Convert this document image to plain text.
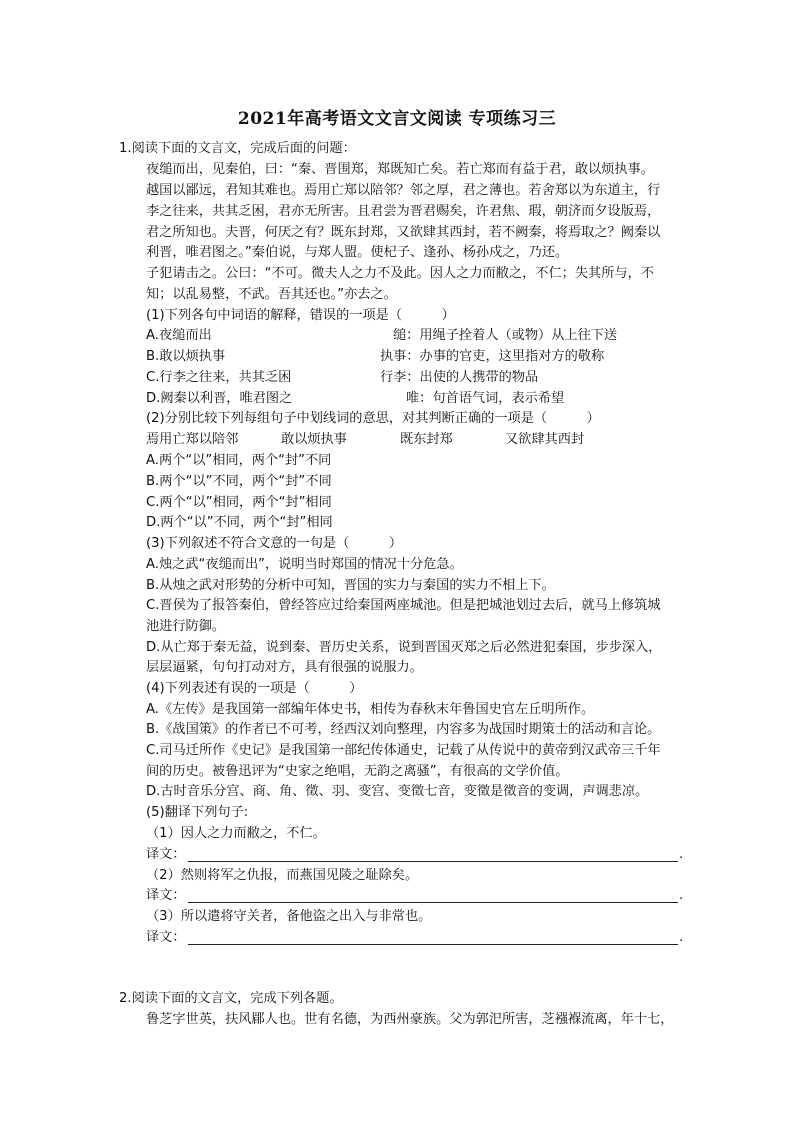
2021年高考语文文言文阅读 专项练习三
1.阅读下面的文言文，完成后面的问题：
夜缒而出，见秦伯，曰：“秦、晋围郑，郑既知亡矣。若亡郑而有益于君，敢以烦执事。
越国以鄙远，君知其难也。焉用亡郑以陪邻？邻之厚，君之薄也。若舍郑以为东道主，行
李之往来，共其乏困，君亦无所害。且君尝为晋君赐矣，许君焦、瑕，朝济而夕设版焉，
君之所知也。夫晋，何厌之有？既东封郑，又欲肆其西封，若不阙秦，将焉取之？阙秦以
利晋，唯君图之。”秦伯说，与郑人盟。使杞子、逢孙、杨孙戍之，乃还。
子犯请击之。公曰：“不可。微夫人之力不及此。因人之力而敝之，不仁；失其所与，不
知；以乱易整，不武。吾其还也。”亦去之。
(1)下列各句中词语的解释，错误的一项是（　　　）
A.夜缒而出	缒：用绳子拴着人（或物）从上往下送
B.敢以烦执事	执事：办事的官吏，这里指对方的敬称
C.行李之往来，共其乏困	行李：出使的人携带的物品
D.阙秦以利晋，唯君图之	唯：句首语气词，表示希望
(2)分别比较下列每组句子中划线词的意思，对其判断正确的一项是（　　　）
焉用亡郑以陪邻	敢以烦执事	既东封郑	又欲肆其西封
A.两个“以”相同，两个“封”不同
B.两个“以”不同，两个“封”不同
C.两个“以”相同，两个“封”相同
D.两个“以”不同，两个“封”相同
(3)下列叙述不符合文意的一句是（　　　）
A.烛之武“夜缒而出”，说明当时郑国的情况十分危急。
B.从烛之武对形势的分析中可知，晋国的实力与秦国的实力不相上下。
C.晋侯为了报答秦伯，曾经答应过给秦国两座城池。但是把城池划过去后，就马上修筑城
池进行防御。
D.从亡郑于秦无益，说到秦、晋历史关系，说到晋国灭郑之后必然进犯秦国，步步深入，
层层逼紧，句句打动对方，具有很强的说服力。
(4)下列表述有误的一项是（　　　）
A.《左传》是我国第一部编年体史书，相传为春秋末年鲁国史官左丘明所作。
B.《战国策》的作者已不可考，经西汉刘向整理，内容多为战国时期策士的活动和言论。
C.司马迁所作《史记》是我国第一部纪传体通史，记载了从传说中的黄帝到汉武帝三千年
间的历史。被鲁迅评为“史家之绝唱，无韵之离骚”，有很高的文学价值。
D.古时音乐分宫、商、角、徵、羽、变宫、变徵七音，变徵是徵音的变调，声调悲凉。
(5)翻译下列句子:
（1）因人之力而敝之，不仁。
译文：	.
（2）然则将军之仇报，而燕国见陵之耻除矣。
译文：	.
（3）所以遣将守关者，备他盗之出入与非常也。
译文：	.
2.阅读下面的文言文，完成下列各题。
鲁芝字世英，扶风郿人也。世有名德，为西州豪族。父为郭汜所害，芝襁褓流离，年十七，
